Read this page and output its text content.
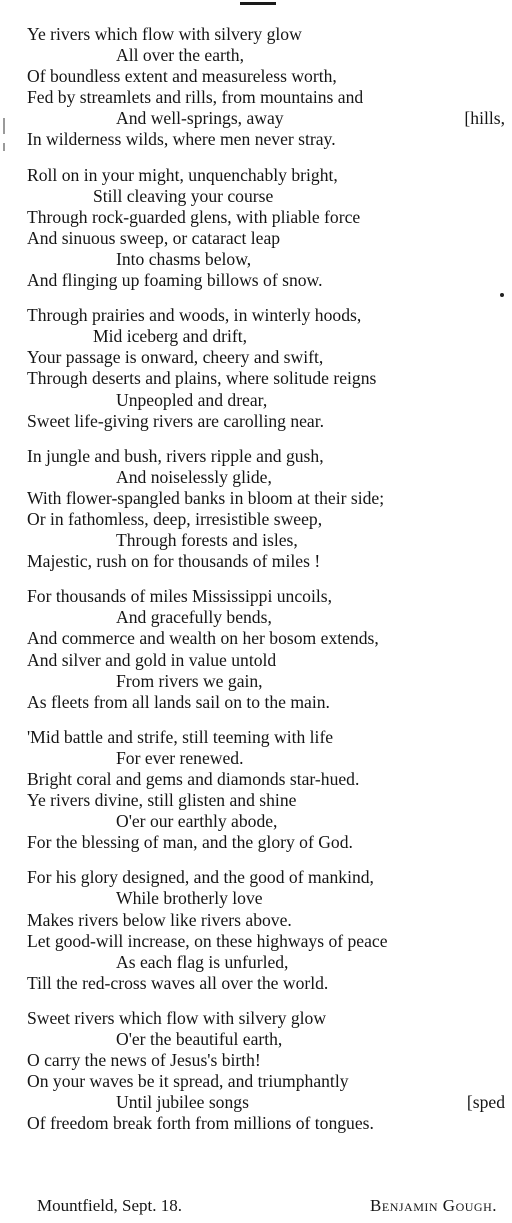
Ye rivers which flow with silvery glow
All over the earth,
Of boundless extent and measureless worth,
Fed by streamlets and rills, from mountains and
And well-springs, away	[hills,
In wilderness wilds, where men never stray.
Roll on in your might, unquenchably bright,
Still cleaving your course
Through rock-guarded glens, with pliable force
And sinuous sweep, or cataract leap
Into chasms below,
And flinging up foaming billows of snow.
Through prairies and woods, in winterly hoods,
Mid iceberg and drift,
Your passage is onward, cheery and swift,
Through deserts and plains, where solitude reigns
Unpeopled and drear,
Sweet life-giving rivers are carolling near.
In jungle and bush, rivers ripple and gush,
And noiselessly glide,
With flower-spangled banks in bloom at their side;
Or in fathomless, deep, irresistible sweep,
Through forests and isles,
Majestic, rush on for thousands of miles !
For thousands of miles Mississippi uncoils,
And gracefully bends,
And commerce and wealth on her bosom extends,
And silver and gold in value untold
From rivers we gain,
As fleets from all lands sail on to the main.
'Mid battle and strife, still teeming with life
For ever renewed.
Bright coral and gems and diamonds star-hued.
Ye rivers divine, still glisten and shine
O'er our earthly abode,
For the blessing of man, and the glory of God.
For his glory designed, and the good of mankind,
While brotherly love
Makes rivers below like rivers above.
Let good-will increase, on these highways of peace
As each flag is unfurled,
Till the red-cross waves all over the world.
Sweet rivers which flow with silvery glow
O'er the beautiful earth,
O carry the news of Jesus's birth!
On your waves be it spread, and triumphantly
Until jubilee songs	[sped
Of freedom break forth from millions of tongues.
Mountfield, Sept. 18.	Benjamin Gough.
